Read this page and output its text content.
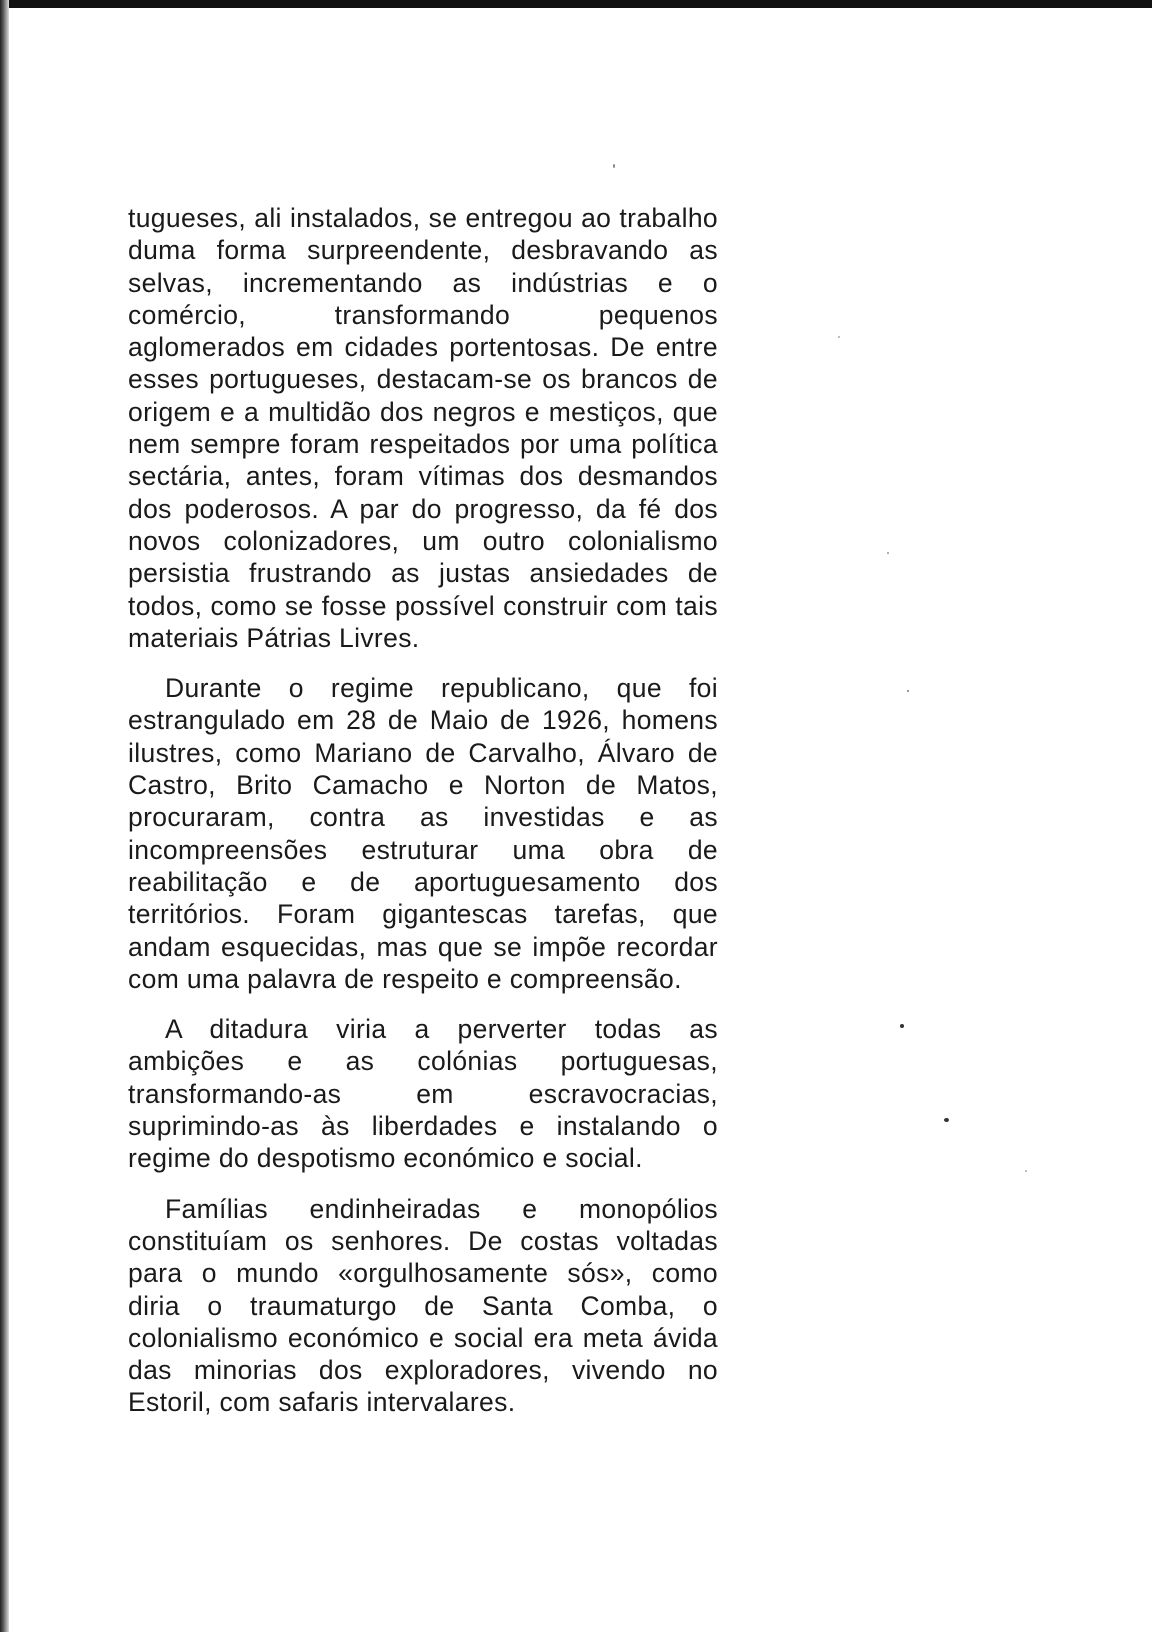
tugueses, ali instalados, se entregou ao trabalho duma forma surpreendente, desbravando as selvas, incrementando as indústrias e o comércio, transformando pequenos aglomerados em cidades portentosas. De entre esses portugueses, destacam-se os brancos de origem e a multidão dos negros e mestiços, que nem sempre foram respeitados por uma política sectária, antes, foram vítimas dos desmandos dos poderosos. A par do progresso, da fé dos novos colonizadores, um outro colonialismo persistia frustrando as justas ansiedades de todos, como se fosse possível construir com tais materiais Pátrias Livres.

Durante o regime republicano, que foi estrangulado em 28 de Maio de 1926, homens ilustres, como Mariano de Carvalho, Álvaro de Castro, Brito Camacho e Norton de Matos, procuraram, contra as investidas e as incompreensões estruturar uma obra de reabilitação e de aportuguesamento dos territórios. Foram gigantescas tarefas, que andam esquecidas, mas que se impõe recordar com uma palavra de respeito e compreensão.

A ditadura viria a perverter todas as ambições e as colónias portuguesas, transformando-as em escravocracias, suprimindo-as às liberdades e instalando o regime do despotismo económico e social.

Famílias endinheiradas e monopólios constituíam os senhores. De costas voltadas para o mundo «orgulhosamente sós», como diria o traumaturgo de Santa Comba, o colonialismo económico e social era meta ávida das minorias dos exploradores, vivendo no Estoril, com safaris intervalares.
